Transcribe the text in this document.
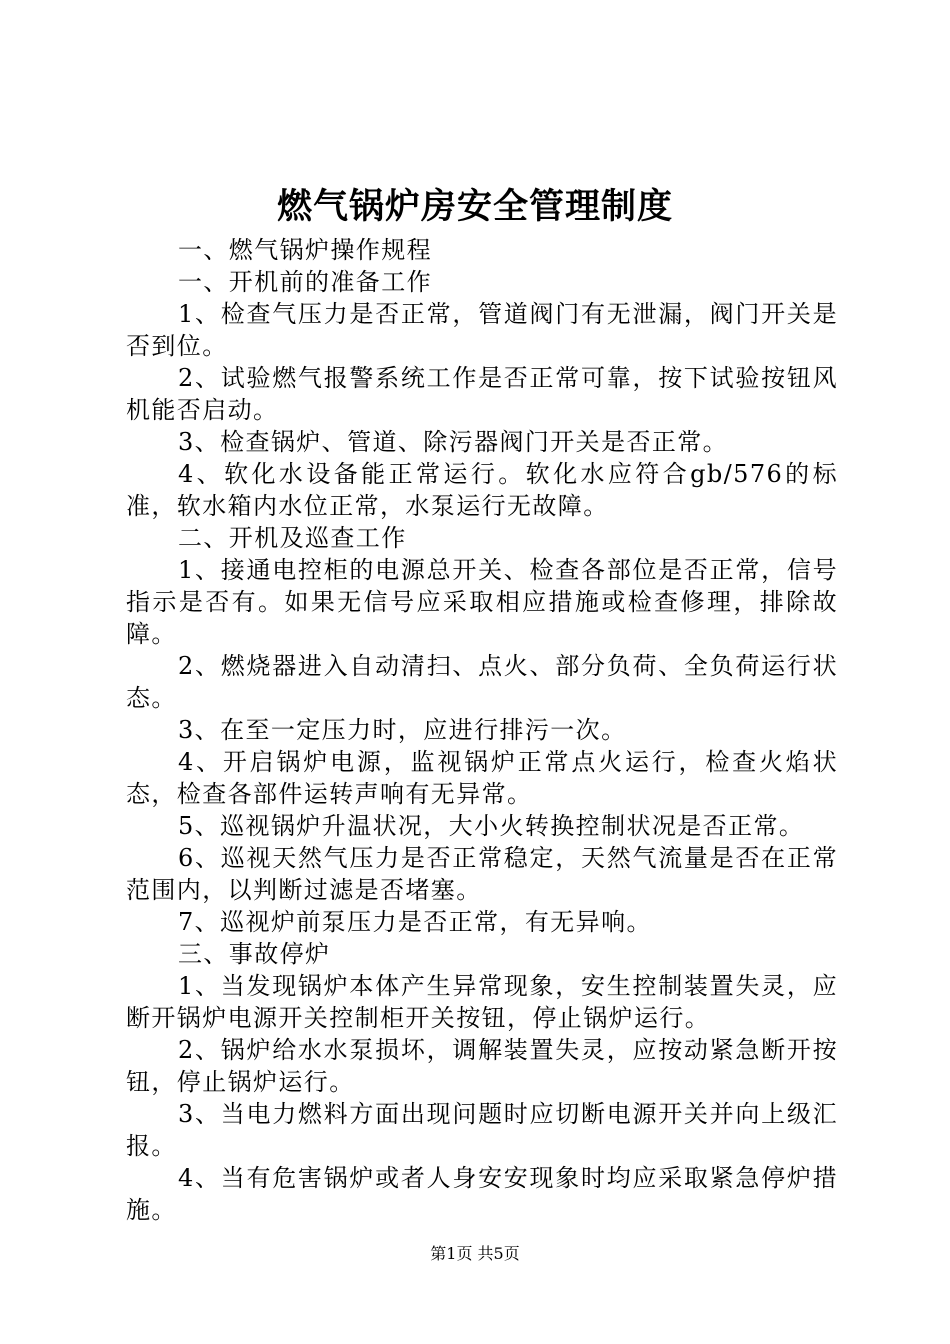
燃气锅炉房安全管理制度

一、燃气锅炉操作规程

一、开机前的准备工作

1、检查气压力是否正常，管道阀门有无泄漏，阀门开关是否到位。

2、试验燃气报警系统工作是否正常可靠，按下试验按钮风机能否启动。

3、检查锅炉、管道、除污器阀门开关是否正常。

4、软化水设备能正常运行。软化水应符合gb/576的标准，软水箱内水位正常，水泵运行无故障。

二、开机及巡查工作

1、接通电控柜的电源总开关、检查各部位是否正常，信号指示是否有。如果无信号应采取相应措施或检查修理，排除故障。

2、燃烧器进入自动清扫、点火、部分负荷、全负荷运行状态。

3、在至一定压力时，应进行排污一次。

4、开启锅炉电源，监视锅炉正常点火运行，检查火焰状态，检查各部件运转声响有无异常。

5、巡视锅炉升温状况，大小火转换控制状况是否正常。

6、巡视天然气压力是否正常稳定，天然气流量是否在正常范围内，以判断过滤是否堵塞。

7、巡视炉前泵压力是否正常，有无异响。

三、事故停炉

1、当发现锅炉本体产生异常现象，安生控制装置失灵，应断开锅炉电源开关控制柜开关按钮，停止锅炉运行。

2、锅炉给水水泵损坏，调解装置失灵，应按动紧急断开按钮，停止锅炉运行。

3、当电力燃料方面出现问题时应切断电源开关并向上级汇报。

4、当有危害锅炉或者人身安安现象时均应采取紧急停炉措施。

第1页 共5页
